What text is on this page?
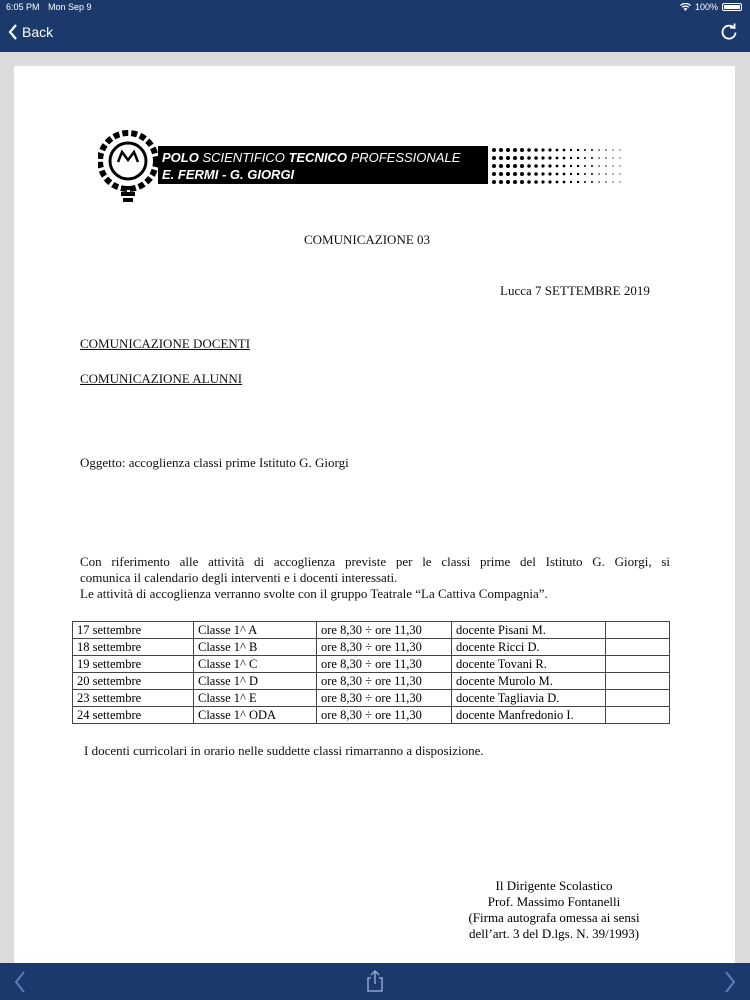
6:05 PM Mon Sep 9	100%
Back
POLO SCIENTIFICO TECNICO PROFESSIONALE
E. FERMI - G. GIORGI
COMUNICAZIONE 03
Lucca 7 SETTEMBRE 2019
COMUNICAZIONE DOCENTI
COMUNICAZIONE ALUNNI
Oggetto: accoglienza classi prime Istituto G. Giorgi
Con riferimento alle attività di accoglienza previste per le classi prime del Istituto G. Giorgi, si
comunica il calendario degli interventi e i docenti interessati.
Le attività di accoglienza verranno svolte con il gruppo Teatrale “La Cattiva Compagnia”.
17 settembre	Classe 1^ A	ore 8,30 ÷ ore 11,30	docente Pisani M.	
18 settembre	Classe 1^ B	ore 8,30 ÷ ore 11,30	docente Ricci D.	
19 settembre	Classe 1^ C	ore 8,30 ÷ ore 11,30	docente Tovani R.	
20 settembre	Classe 1^ D	ore 8,30 ÷ ore 11,30	docente Murolo M.	
23 settembre	Classe 1^ E	ore 8,30 ÷ ore 11,30	docente Tagliavia D.	
24 settembre	Classe 1^ ODA	ore 8,30 ÷ ore 11,30	docente Manfredonio I.	
I docenti curricolari in orario nelle suddette classi rimarranno a disposizione.
Il Dirigente Scolastico
Prof. Massimo Fontanelli
(Firma autografa omessa ai sensi
dell’art. 3 del D.lgs. N. 39/1993)
